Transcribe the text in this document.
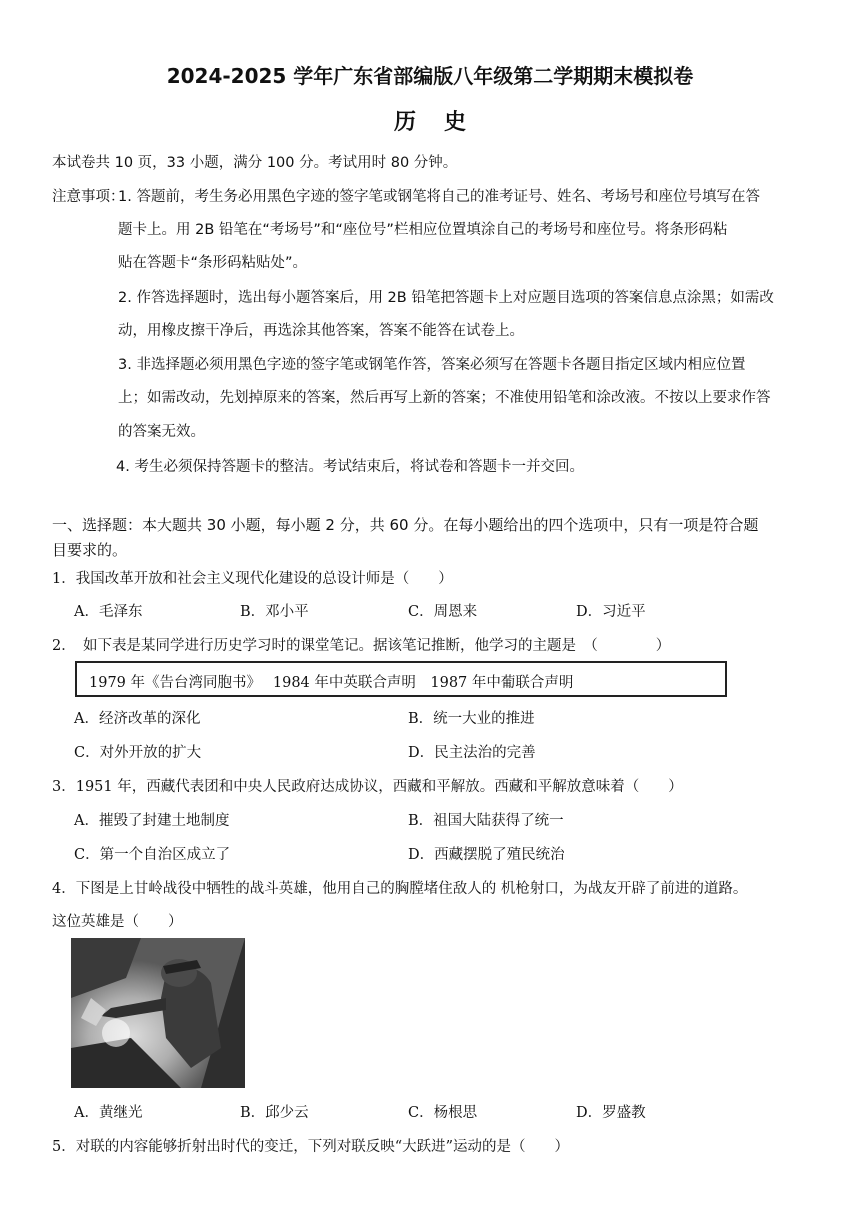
2024-2025 学年广东省部编版八年级第二学期期末模拟卷
历史
本试卷共 10 页，33 小题，满分 100 分。考试用时 80 分钟。
注意事项：
1. 答题前，考生务必用黑色字迹的签字笔或钢笔将自己的准考证号、姓名、考场号和座位号填写在答
题卡上。用 2B 铅笔在“考场号”和“座位号”栏相应位置填涂自己的考场号和座位号。将条形码粘
贴在答题卡“条形码粘贴处”。
2. 作答选择题时，选出每小题答案后，用 2B 铅笔把答题卡上对应题目选项的答案信息点涂黑；如需改
动，用橡皮擦干净后，再选涂其他答案，答案不能答在试卷上。
3. 非选择题必须用黑色字迹的签字笔或钢笔作答，答案必须写在答题卡各题目指定区域内相应位置
上；如需改动，先划掉原来的答案，然后再写上新的答案；不准使用铅笔和涂改液。不按以上要求作答
的答案无效。
4. 考生必须保持答题卡的整洁。考试结束后，将试卷和答题卡一并交回。
一、选择题：本大题共 30 小题，每小题 2 分，共 60 分。在每小题给出的四个选项中，只有一项是符合题
目要求的。
1．我国改革开放和社会主义现代化建设的总设计师是（　　）
A．毛泽东	B．邓小平	C．周恩来	D．习近平
2．　如下表是某同学进行历史学习时的课堂笔记。据该笔记推断，他学习的主题是　（　　　　）
1979 年《告台湾同胞书》　 1984 年中英联合声明　1987 年中葡联合声明
A．经济改革的深化	B．统一大业的推进
C．对外开放的扩大	D．民主法治的完善
3．1951 年，西藏代表团和中央人民政府达成协议，西藏和平解放。西藏和平解放意味着（　　）
A．摧毁了封建土地制度	B．祖国大陆获得了统一
C．第一个自治区成立了	D．西藏摆脱了殖民统治
4．下图是上甘岭战役中牺牲的战斗英雄，他用自己的胸膛堵住敌人的 机枪射口，为战友开辟了前进的道路。
这位英雄是（　　）
A．黄继光	B．邱少云	C．杨根思	D．罗盛教
5．对联的内容能够折射出时代的变迁，下列对联反映“大跃进”运动的是（　　）
